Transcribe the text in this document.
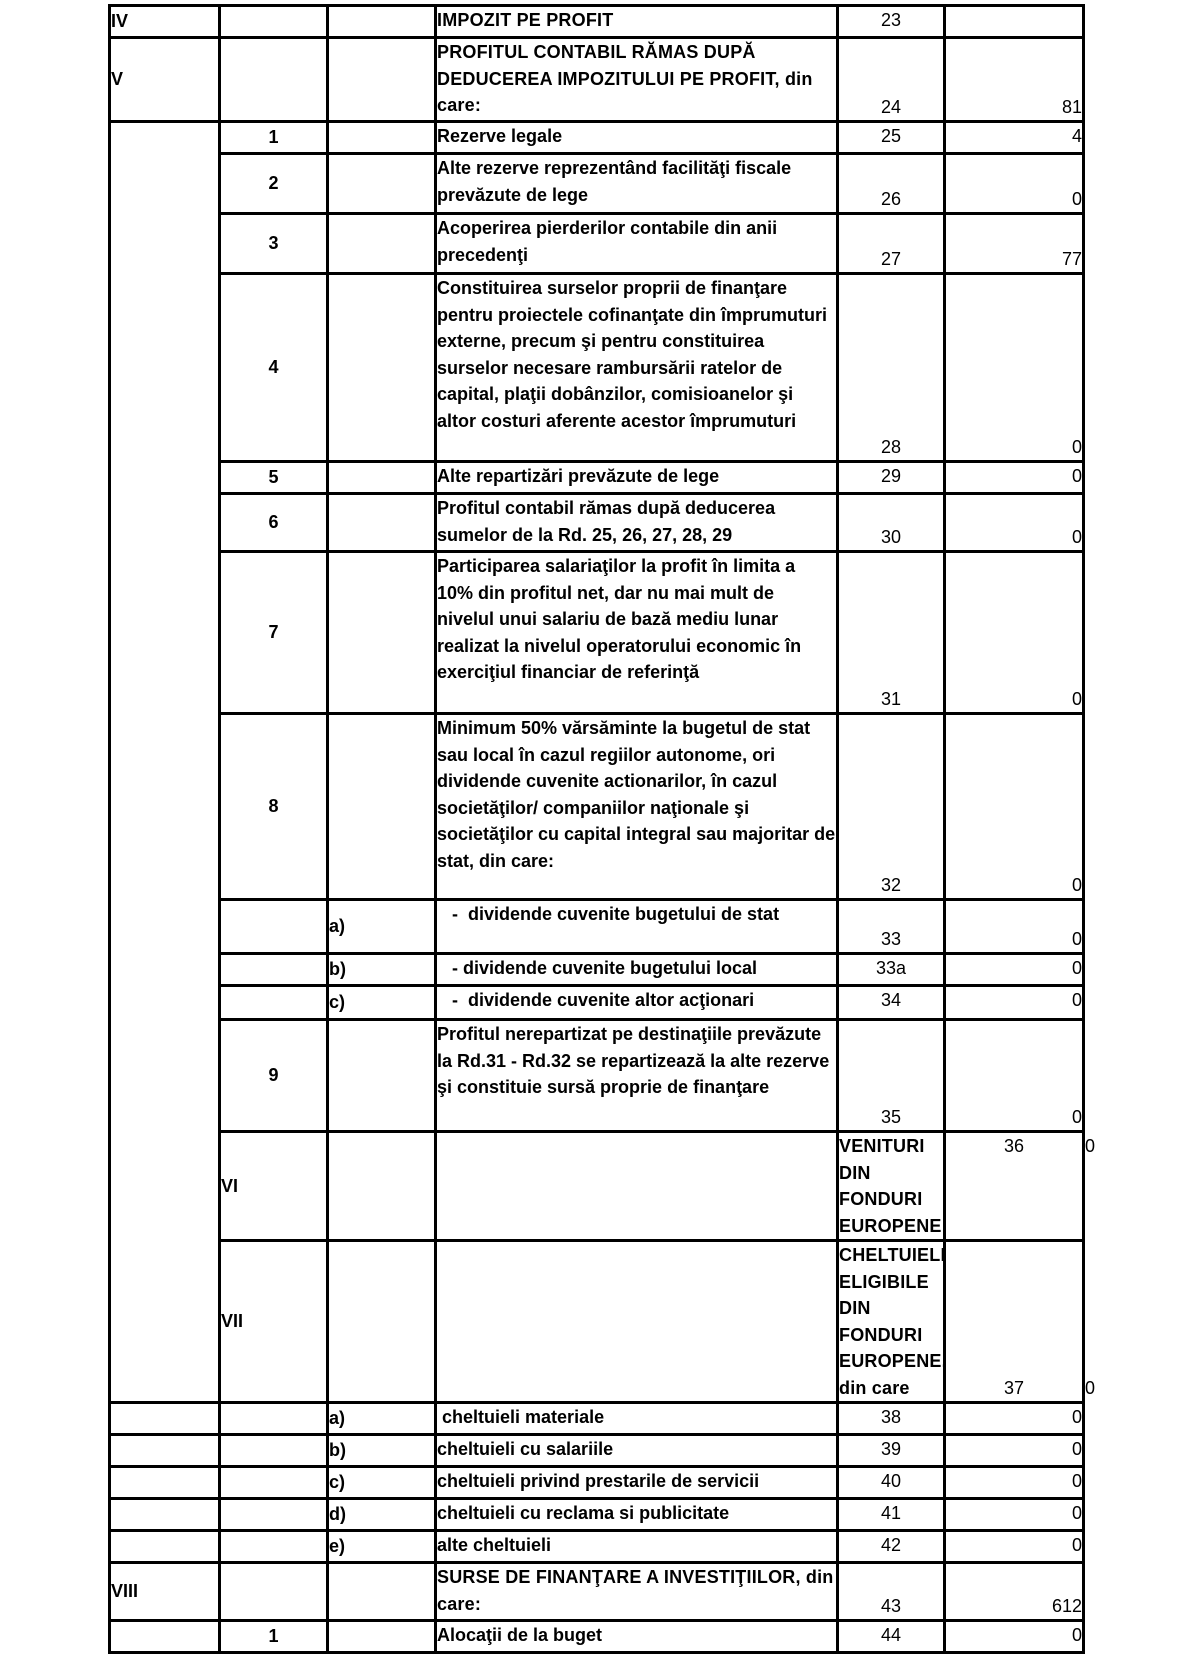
IV			IMPOZIT PE PROFIT	23		
V			PROFITUL CONTABIL RĂMAS DUPĂ DEDUCEREA IMPOZITULUI PE PROFIT, din care:	24	81	
	1		Rezerve legale	25	4	
	2		Alte rezerve reprezentând facilităţi fiscale prevăzute de lege	26	0	
	3		Acoperirea pierderilor contabile din anii precedenţi	27	77	
	4		Constituirea surselor proprii de finanţare pentru proiectele cofinanţate din împrumuturi externe, precum şi pentru constituirea surselor necesare rambursării ratelor de capital, plaţii dobânzilor, comisioanelor şi altor costuri aferente acestor împrumuturi	28	0	
	5		Alte repartizări prevăzute de lege	29	0	
	6		Profitul contabil rămas după deducerea sumelor de la Rd. 25, 26, 27, 28, 29	30	0	
	7		Participarea salariaţilor la profit în limita a 10% din profitul net, dar nu mai mult de nivelul unui salariu de bază mediu lunar realizat la nivelul operatorului economic în exerciţiul financiar de referinţă	31	0	
	8		Minimum 50% vărsăminte la bugetul de stat sau local în cazul regiilor autonome, ori dividende cuvenite actionarilor, în cazul societăţilor/ companiilor naţionale şi societăţilor cu capital integral sau majoritar de stat, din care:	32	0	
		a)	-  dividende cuvenite bugetului de stat	33	0	
		b)	- dividende cuvenite bugetului local	33a	0	
		c)	-  dividende cuvenite altor acţionari	34	0	
	9		Profitul nerepartizat pe destinaţiile prevăzute la Rd.31 - Rd.32 se repartizează la alte rezerve şi constituie sursă proprie de finanţare	35	0	
	VI			VENITURI DIN FONDURI EUROPENE	36	0
	VII			CHELTUIELI ELIGIBILE DIN FONDURI EUROPENE,   din care	37	0
		a)	cheltuieli materiale	38	0	
		b)	cheltuieli cu salariile	39	0	
		c)	cheltuieli privind prestarile de servicii	40	0	
		d)	cheltuieli cu reclama si publicitate	41	0	
		e)	alte cheltuieli	42	0	
VIII			SURSE DE FINANŢARE A INVESTIŢIILOR, din care:	43	612	
	1		Alocaţii de la buget	44	0	
